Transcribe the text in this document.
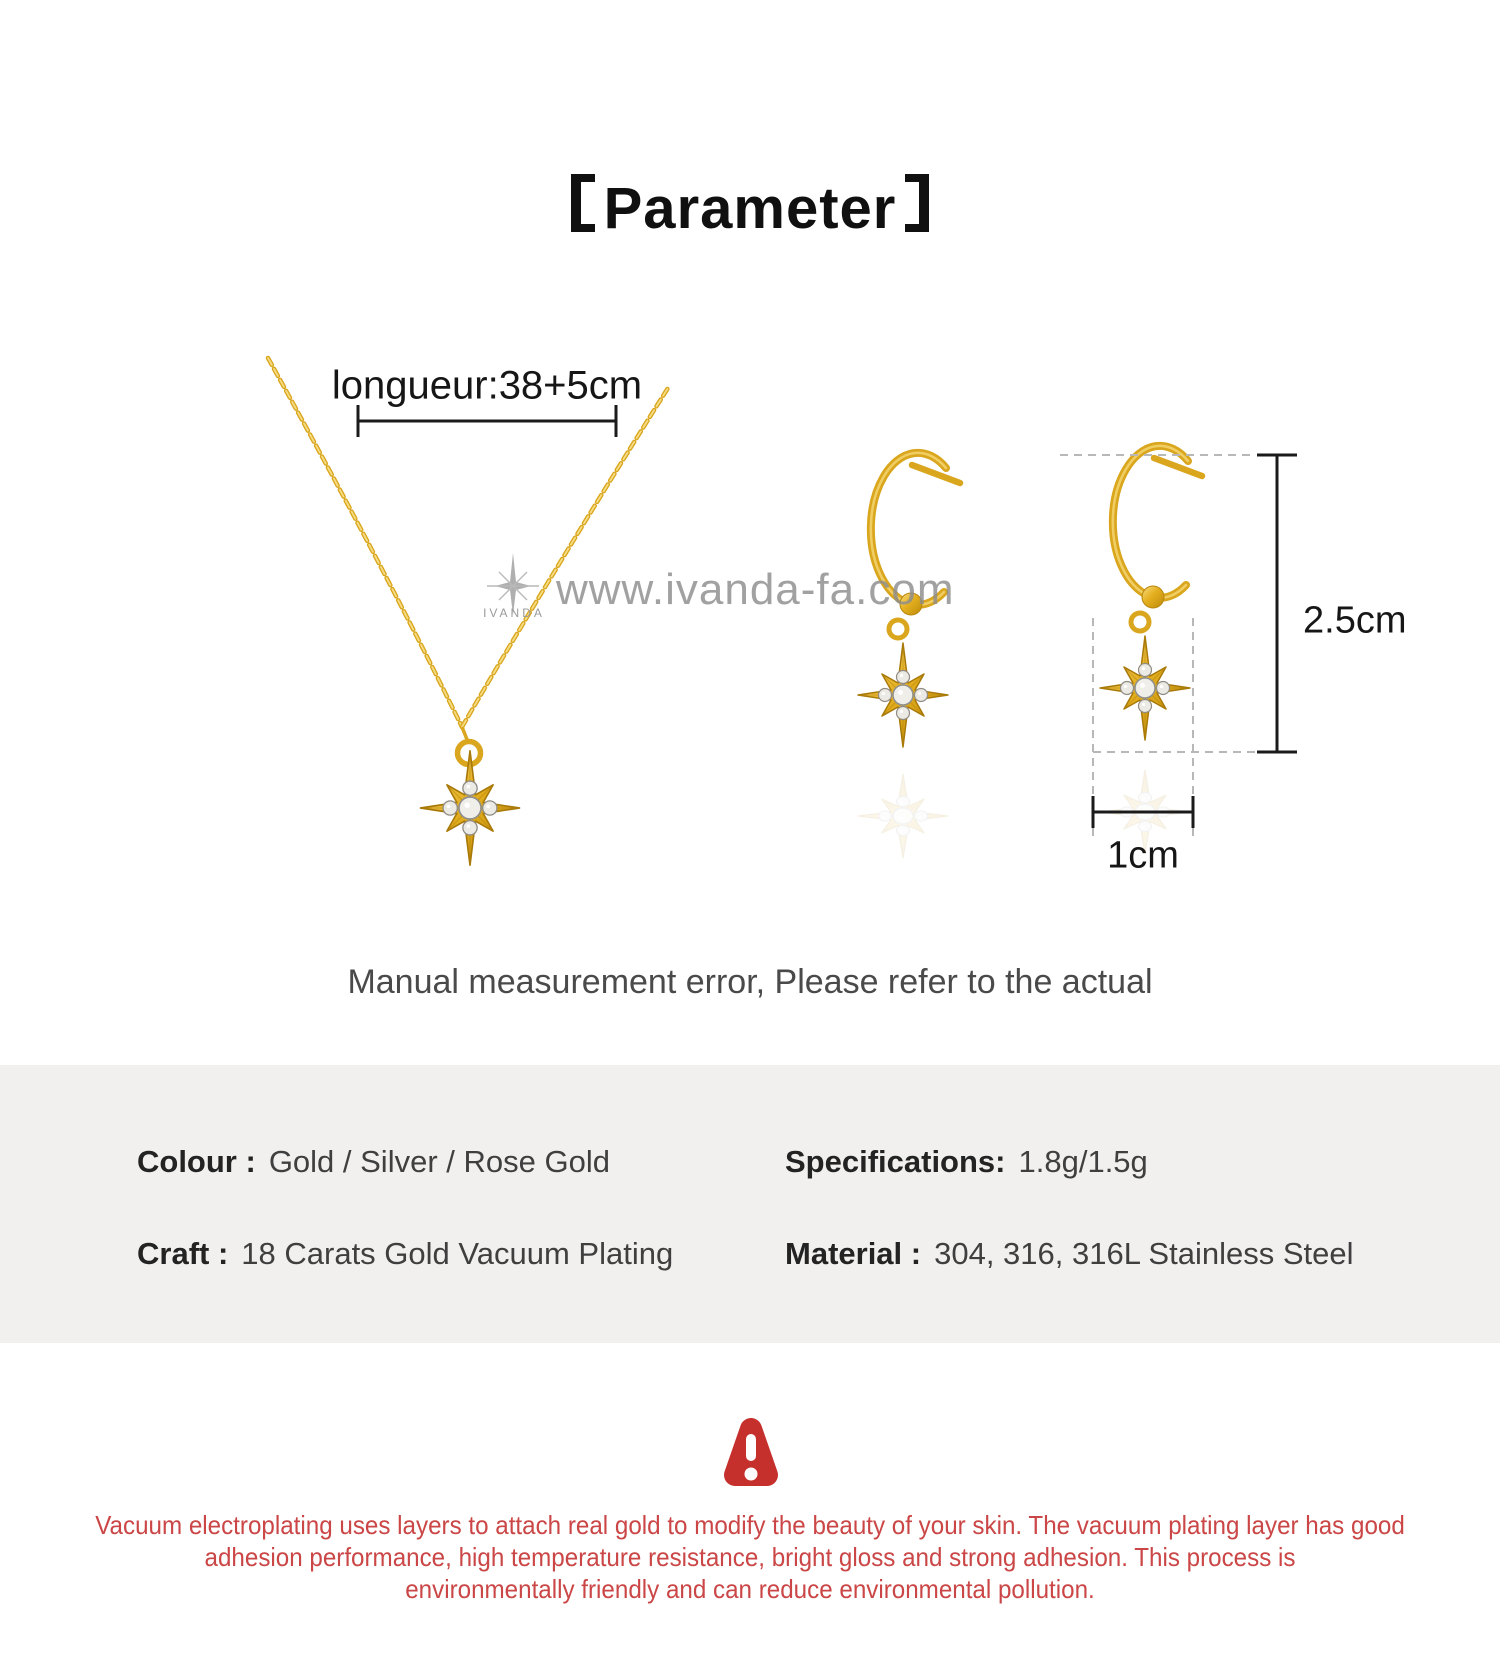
Parameter
longueur:38+5cm
2.5cm
1cm
www.ivanda-fa.com
IVANDA
Manual measurement error, Please refer to the actual
Colour : Gold / Silver / Rose Gold	Specifications: 1.8g/1.5g
Craft : 18 Carats Gold Vacuum Plating	Material : 304, 316, 316L Stainless Steel
Vacuum electroplating uses layers to attach real gold to modify the beauty of your skin. The vacuum plating layer has good
adhesion performance, high temperature resistance, bright gloss and strong adhesion. This process is
environmentally friendly and can reduce environmental pollution.
